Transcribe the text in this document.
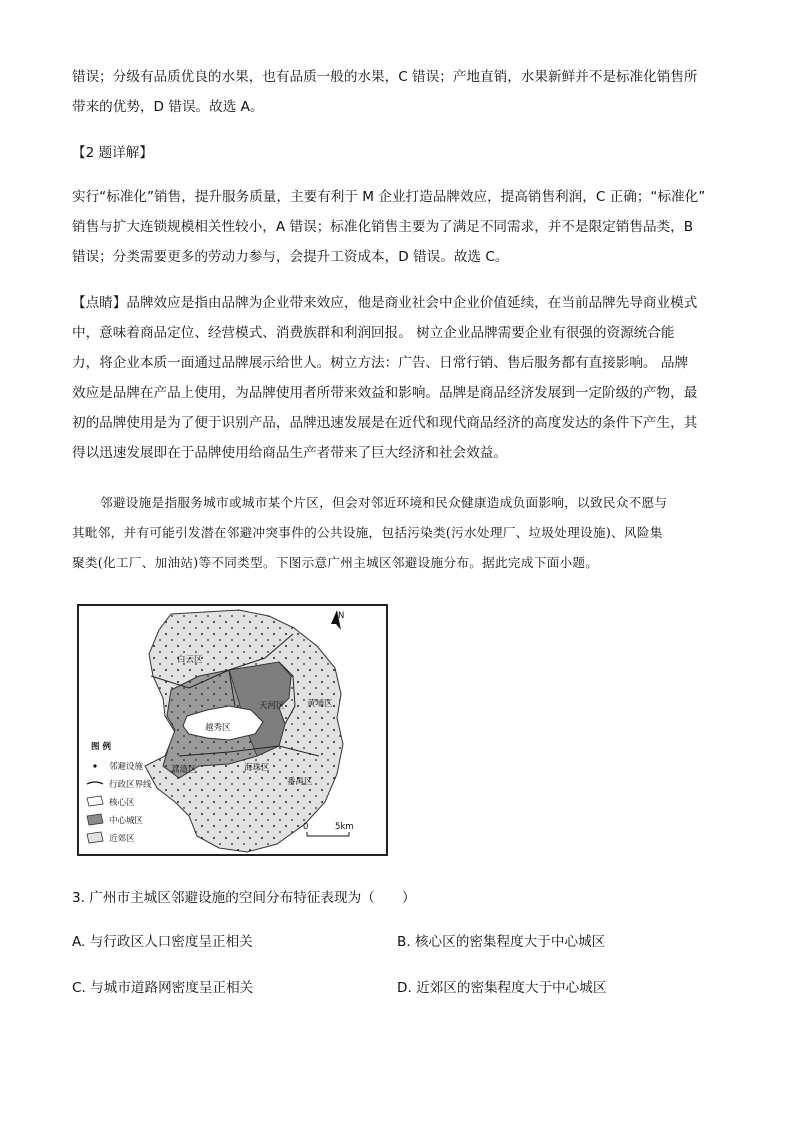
错误；分级有品质优良的水果，也有品质一般的水果，C 错误；产地直销，水果新鲜并不是标准化销售所

带来的优势，D 错误。故选 A。

【2 题详解】

实行“标准化”销售，提升服务质量，主要有利于 M 企业打造品牌效应，提高销售利润，C 正确；“标准化”

销售与扩大连锁规模相关性较小，A 错误；标准化销售主要为了满足不同需求，并不是限定销售品类，B

错误；分类需要更多的劳动力参与，会提升工资成本，D 错误。故选 C。

【点睛】品牌效应是指由品牌为企业带来效应，他是商业社会中企业价值延续，在当前品牌先导商业模式

中，意味着商品定位、经营模式、消费族群和利润回报。 树立企业品牌需要企业有很强的资源统合能

力，将企业本质一面通过品牌展示给世人。树立方法：广告、日常行销、售后服务都有直接影响。 品牌

效应是品牌在产品上使用，为品牌使用者所带来效益和影响。品牌是商品经济发展到一定阶级的产物，最

初的品牌使用是为了便于识别产品，品牌迅速发展是在近代和现代商品经济的高度发达的条件下产生，其

得以迅速发展即在于品牌使用给商品生产者带来了巨大经济和社会效益。

邻避设施是指服务城市或城市某个片区，但会对邻近环境和民众健康造成负面影响，以致民众不愿与

其毗邻，并有可能引发潜在邻避冲突事件的公共设施，包括污染类(污水处理厂、垃圾处理设施)、风险集

聚类(化工厂、加油站)等不同类型。下图示意广州主城区邻避设施分布。据此完成下面小题。

白云区
天河区	黄埔区
越秀区
荔湾区	海珠区
番禺区
N
图 例
邻避设施
行政区界线
核心区
中心城区
近郊区
0	5km

3. 广州市主城区邻避设施的空间分布特征表现为（　　）

A. 与行政区人口密度呈正相关	B. 核心区的密集程度大于中心城区

C. 与城市道路网密度呈正相关	D. 近郊区的密集程度大于中心城区
